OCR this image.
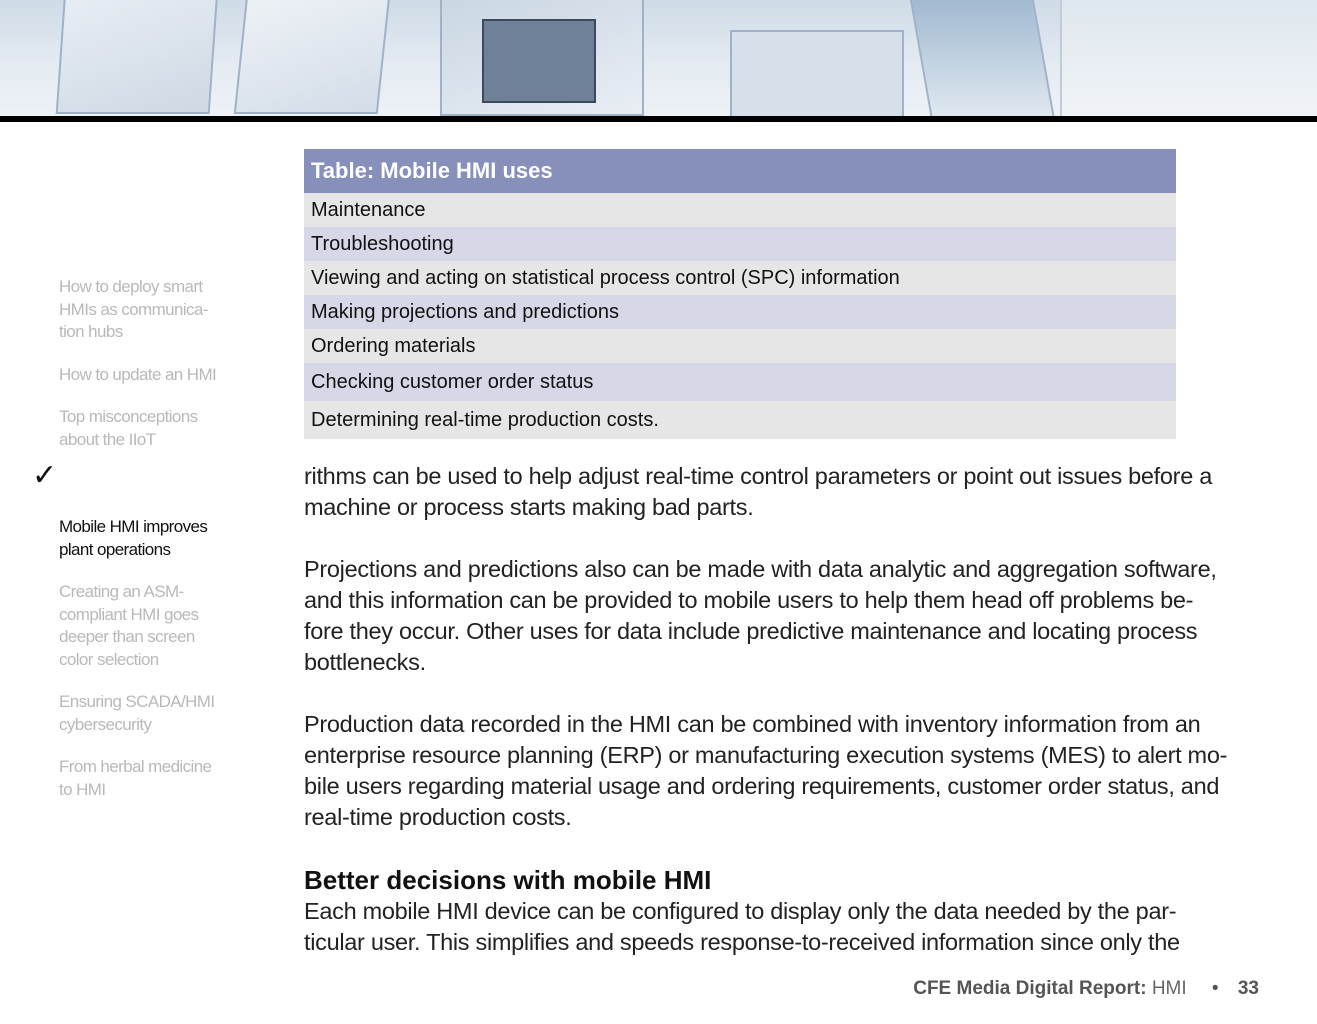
How to deploy smart
HMIs as communica-
tion hubs
How to update an HMI
Top misconceptions
about the IIoT

✓

Mobile HMI improves
plant operations

Creating an ASM-
compliant HMI goes
deeper than screen
color selection
Ensuring SCADA/HMI
cybersecurity
From herbal medicine
to HMI
Table: Mobile HMI uses
Maintenance
Troubleshooting
Viewing and acting on statistical process control (SPC) information
Making projections and predictions
Ordering materials
Checking customer order status
Determining real-time production costs.

rithms can be used to help adjust real-time control parameters or point out issues before a
machine or process starts making bad parts.

Projections and predictions also can be made with data analytic and aggregation software,
and this information can be provided to mobile users to help them head off problems be-
fore they occur. Other uses for data include predictive maintenance and locating process
bottlenecks.

Production data recorded in the HMI can be combined with inventory information from an
enterprise resource planning (ERP) or manufacturing execution systems (MES) to alert mo-
bile users regarding material usage and ordering requirements, customer order status, and
real-time production costs.

Better decisions with mobile HMI

Each mobile HMI device can be configured to display only the data needed by the par-
ticular user. This simplifies and speeds response-to-received information since only the

CFE Media Digital Report: HMI • 33
